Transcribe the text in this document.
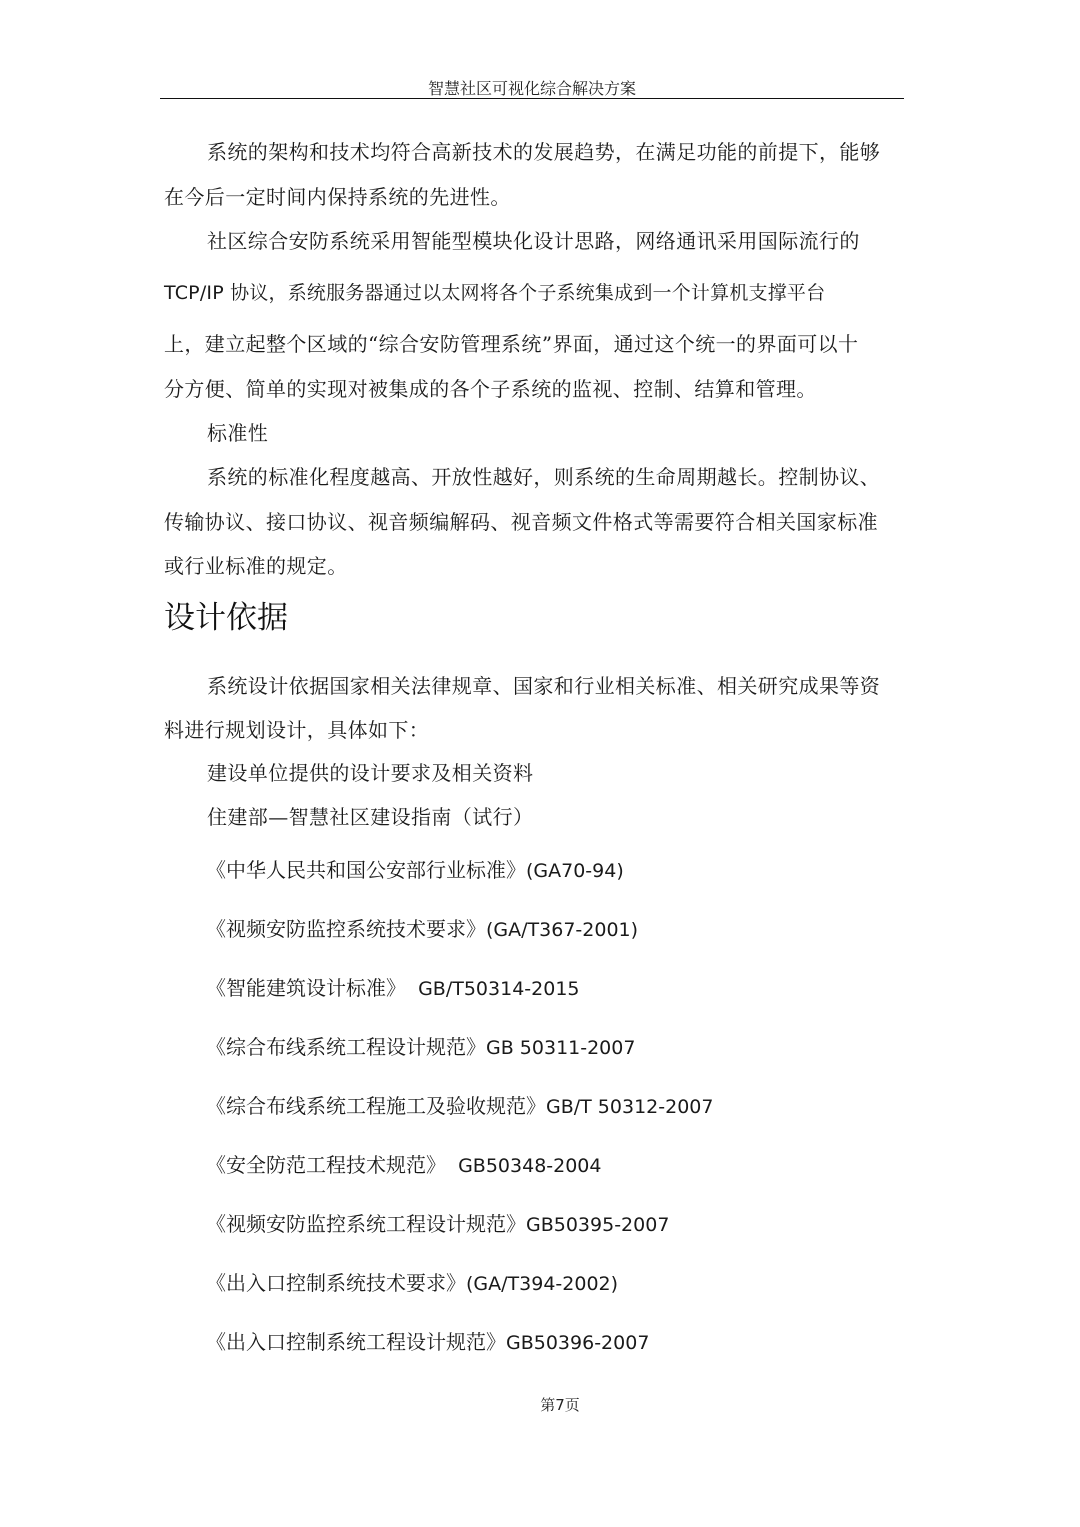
智慧社区可视化综合解决方案

系统的架构和技术均符合高新技术的发展趋势，在满足功能的前提下，能够

在今后一定时间内保持系统的先进性。

社区综合安防系统采用智能型模块化设计思路，网络通讯采用国际流行的

TCP/IP 协议，系统服务器通过以太网将各个子系统集成到一个计算机支撑平台

上，建立起整个区域的“综合安防管理系统”界面，通过这个统一的界面可以十

分方便、简单的实现对被集成的各个子系统的监视、控制、结算和管理。

标准性

系统的标准化程度越高、开放性越好，则系统的生命周期越长。控制协议、

传输协议、接口协议、视音频编解码、视音频文件格式等需要符合相关国家标准

或行业标准的规定。

设计依据

系统设计依据国家相关法律规章、国家和行业相关标准、相关研究成果等资

料进行规划设计，具体如下：

建设单位提供的设计要求及相关资料

住建部—智慧社区建设指南（试行）

《中华人民共和国公安部行业标准》(GA70-94)
《视频安防监控系统技术要求》(GA/T367-2001)
《智能建筑设计标准》  GB/T50314-2015
《综合布线系统工程设计规范》GB 50311-2007
《综合布线系统工程施工及验收规范》GB/T 50312-2007
《安全防范工程技术规范》  GB50348-2004
《视频安防监控系统工程设计规范》GB50395-2007
《出入口控制系统技术要求》(GA/T394-2002)
《出入口控制系统工程设计规范》GB50396-2007
第7页
